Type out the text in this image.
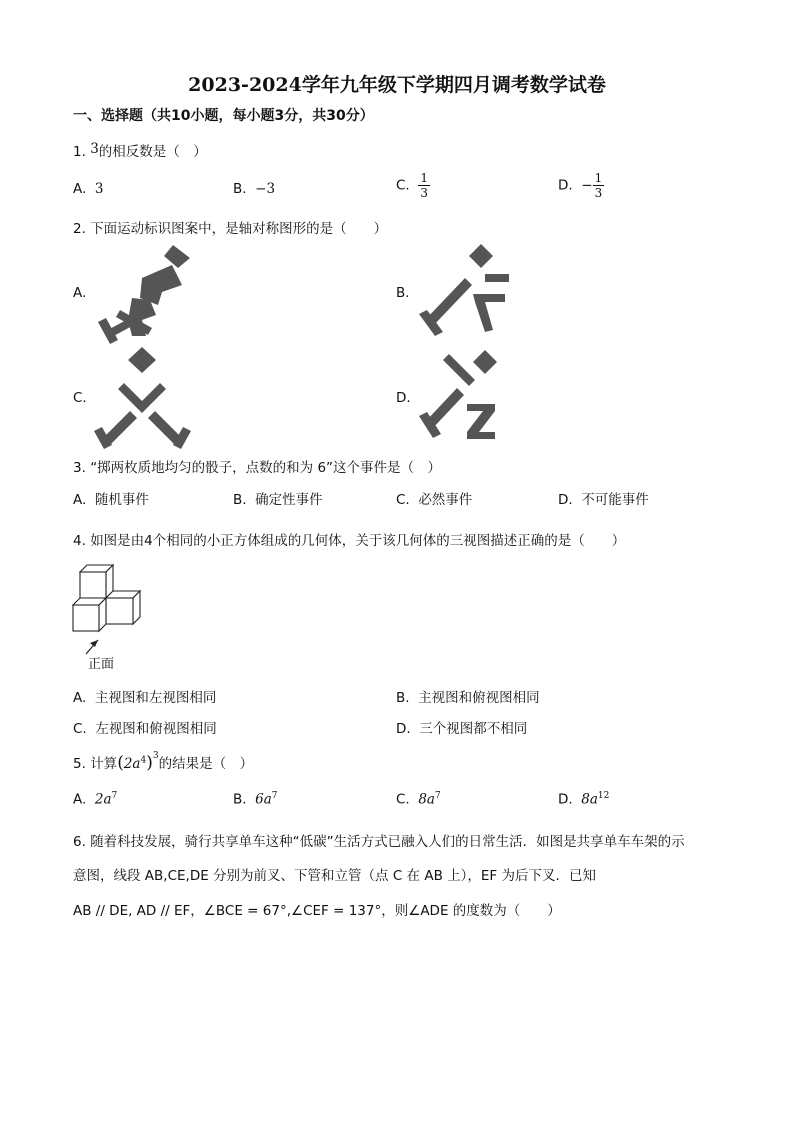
2023-2024学年九年级下学期四月调考数学试卷
一、选择题（共10小题，每小题3分，共30分）
1. 3的相反数是（　）
A. 3	B. −3	C. $\frac{1}{3}$	D. − $\frac{1}{3}$
2. 下面运动标识图案中，是轴对称图形的是（　　）
A.	B.
C.	D.
3. “掷两枚质地均匀的骰子，点数的和为 6”这个事件是（　）
A. 随机事件	B. 确定性事件	C. 必然事件	D. 不可能事件
4. 如图是由4个相同的小正方体组成的几何体，关于该几何体的三视图描述正确的是（　　）
正面
A. 主视图和左视图相同	B. 主视图和俯视图相同
C. 左视图和俯视图相同	D. 三个视图都不相同
5. 计算$(2a^4)^3$的结果是（　）
A. $2a^7$	B. $6a^7$	C. $8a^7$	D. $8a^{12}$
6. 随着科技发展，骑行共享单车这种“低碳”生活方式已融入人们的日常生活．如图是共享单车车架的示
意图，线段 AB,CE,DE 分别为前叉、下管和立管（点 C 在 AB 上），EF 为后下叉．已知
AB // DE, AD // EF，∠BCE = 67°,∠CEF = 137°，则∠ADE 的度数为（　　）
